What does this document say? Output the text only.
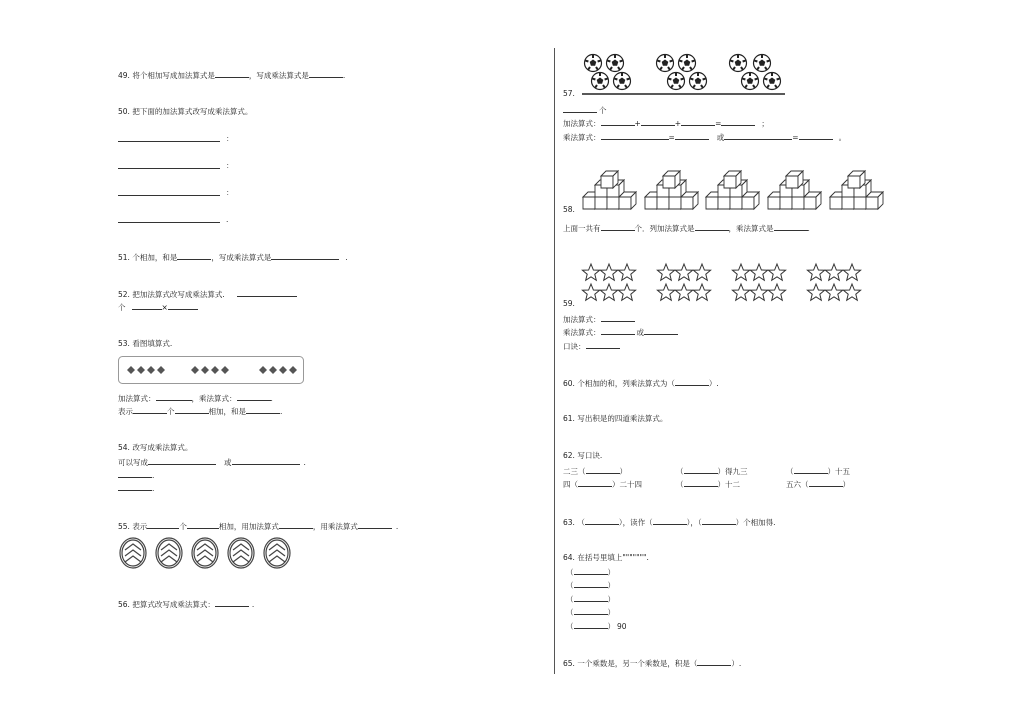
49. 将个相加写成加法算式是	，写成乘法算式是	.
50. 把下面的加法算式改写成乘法算式。
：
：
：
.
51. 个相加，和是	，写成乘法算式是	.
52. 把加法算式改写成乘法算式.
个	×
53. 看图填算式.
加法算式：	，乘法算式：	.
表示	个	相加，和是	.
54. 改写成乘法算式。
可以写成	或	.
.
.
55. 表示	个	相加，用加法算式	，用乘法算式	.
56. 把算式改写成乘法算式：	.
57.
个
加法算式：	+	+	=	；
乘法算式：	=	或	=	。
58.
上面一共有	个．列加法算式是	，乘法算式是	.
59.
加法算式：
乘法算式：	或
口诀：
60. 个相加的和，列乘法算式为（	）.
61. 写出积是的四道乘法算式。
62. 写口诀.
二三（	）	（	）得九三	（	）十五
四（	）二十四	（	）十二	五六（	）
63. （	），读作（	），（	）个相加得.
64. 在括号里填上""""""".
（	）
（	）
（	）
（	）
（	） 90
65. 一个乘数是，另一个乘数是，积是（	）.
